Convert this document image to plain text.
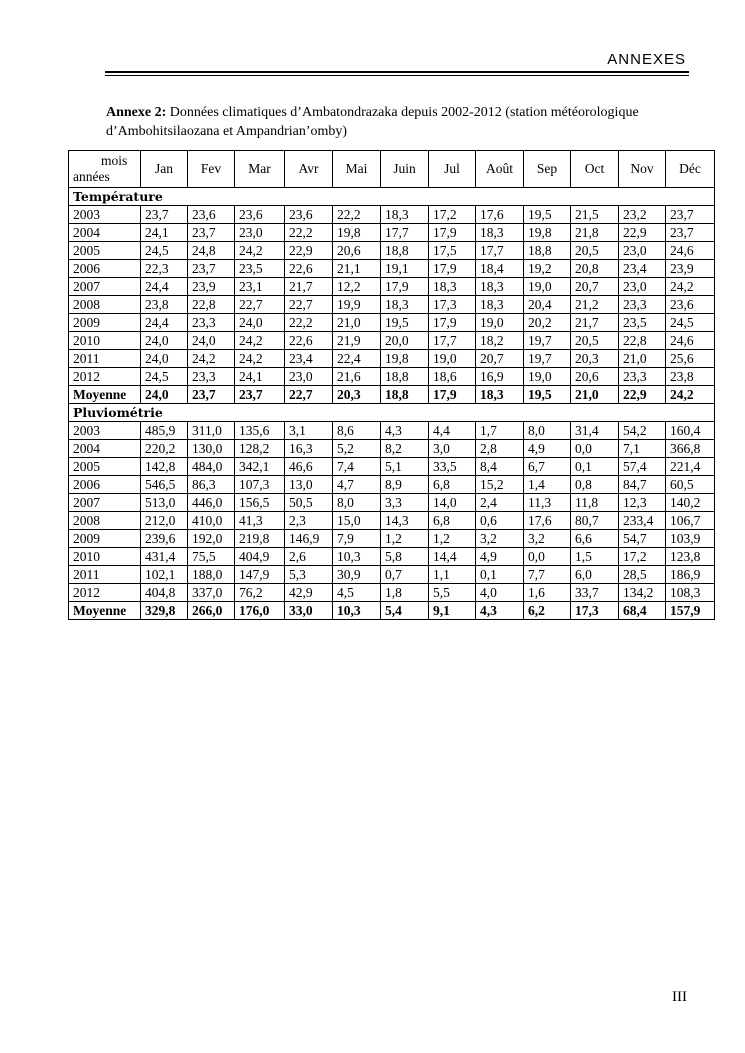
ANNEXES
Annexe 2: Données climatiques d’Ambatondrazaka depuis 2002-2012 (station météorologique d’Ambohitsilaozana et Ampandrian’omby)
mois
années	Jan	Fev	Mar	Avr	Mai	Juin	Jul	Août	Sep	Oct	Nov	Déc
Température												
2003	23,7	23,6	23,6	23,6	22,2	18,3	17,2	17,6	19,5	21,5	23,2	23,7
2004	24,1	23,7	23,0	22,2	19,8	17,7	17,9	18,3	19,8	21,8	22,9	23,7
2005	24,5	24,8	24,2	22,9	20,6	18,8	17,5	17,7	18,8	20,5	23,0	24,6
2006	22,3	23,7	23,5	22,6	21,1	19,1	17,9	18,4	19,2	20,8	23,4	23,9
2007	24,4	23,9	23,1	21,7	12,2	17,9	18,3	18,3	19,0	20,7	23,0	24,2
2008	23,8	22,8	22,7	22,7	19,9	18,3	17,3	18,3	20,4	21,2	23,3	23,6
2009	24,4	23,3	24,0	22,2	21,0	19,5	17,9	19,0	20,2	21,7	23,5	24,5
2010	24,0	24,0	24,2	22,6	21,9	20,0	17,7	18,2	19,7	20,5	22,8	24,6
2011	24,0	24,2	24,2	23,4	22,4	19,8	19,0	20,7	19,7	20,3	21,0	25,6
2012	24,5	23,3	24,1	23,0	21,6	18,8	18,6	16,9	19,0	20,6	23,3	23,8
Moyenne	24,0	23,7	23,7	22,7	20,3	18,8	17,9	18,3	19,5	21,0	22,9	24,2
Pluviométrie												
2003	485,9	311,0	135,6	3,1	8,6	4,3	4,4	1,7	8,0	31,4	54,2	160,4
2004	220,2	130,0	128,2	16,3	5,2	8,2	3,0	2,8	4,9	0,0	7,1	366,8
2005	142,8	484,0	342,1	46,6	7,4	5,1	33,5	8,4	6,7	0,1	57,4	221,4
2006	546,5	86,3	107,3	13,0	4,7	8,9	6,8	15,2	1,4	0,8	84,7	60,5
2007	513,0	446,0	156,5	50,5	8,0	3,3	14,0	2,4	11,3	11,8	12,3	140,2
2008	212,0	410,0	41,3	2,3	15,0	14,3	6,8	0,6	17,6	80,7	233,4	106,7
2009	239,6	192,0	219,8	146,9	7,9	1,2	1,2	3,2	3,2	6,6	54,7	103,9
2010	431,4	75,5	404,9	2,6	10,3	5,8	14,4	4,9	0,0	1,5	17,2	123,8
2011	102,1	188,0	147,9	5,3	30,9	0,7	1,1	0,1	7,7	6,0	28,5	186,9
2012	404,8	337,0	76,2	42,9	4,5	1,8	5,5	4,0	1,6	33,7	134,2	108,3
Moyenne	329,8	266,0	176,0	33,0	10,3	5,4	9,1	4,3	6,2	17,3	68,4	157,9
III
